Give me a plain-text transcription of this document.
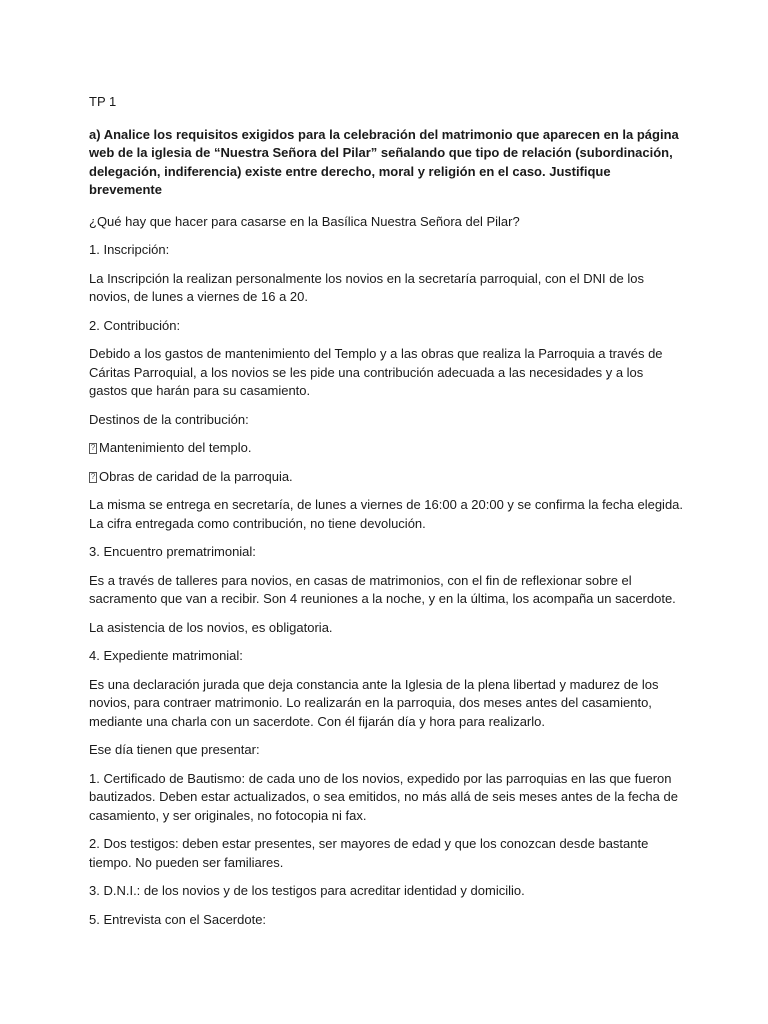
TP 1

a) Analice los requisitos exigidos para la celebración del matrimonio que aparecen en la página web de la iglesia de “Nuestra Señora del Pilar” señalando que tipo de relación (subordinación, delegación, indiferencia) existe entre derecho, moral y religión en el caso. Justifique brevemente

¿Qué hay que hacer para casarse en la Basílica Nuestra Señora del Pilar?

1. Inscripción:

La Inscripción la realizan personalmente los novios en la secretaría parroquial, con el DNI de los novios, de lunes a viernes de 16 a 20.

2. Contribución:

Debido a los gastos de mantenimiento del Templo y a las obras que realiza la Parroquia a través de Cáritas Parroquial, a los novios se les pide una contribución adecuada a las necesidades y a los gastos que harán para su casamiento.

Destinos de la contribución:

?
Mantenimiento del templo.

?
Obras de caridad de la parroquia.

La misma se entrega en secretaría, de lunes a viernes de 16:00 a 20:00 y se confirma la fecha elegida. La cifra entregada como contribución, no tiene devolución.

3. Encuentro prematrimonial:

Es a través de talleres para novios, en casas de matrimonios, con el fin de reflexionar sobre el sacramento que van a recibir. Son 4 reuniones a la noche, y en la última, los acompaña un sacerdote.

La asistencia de los novios, es obligatoria.

4. Expediente matrimonial:

Es una declaración jurada que deja constancia ante la Iglesia de la plena libertad y madurez de los novios, para contraer matrimonio. Lo realizarán en la parroquia, dos meses antes del casamiento, mediante una charla con un sacerdote. Con él fijarán día y hora para realizarlo.

Ese día tienen que presentar:

1. Certificado de Bautismo: de cada uno de los novios, expedido por las parroquias en las que fueron bautizados. Deben estar actualizados, o sea emitidos, no más allá de seis meses antes de la fecha de casamiento, y ser originales, no fotocopia ni fax.

2. Dos testigos: deben estar presentes, ser mayores de edad y que los conozcan desde bastante tiempo. No pueden ser familiares.

3. D.N.I.: de los novios y de los testigos para acreditar identidad y domicilio.

5. Entrevista con el Sacerdote:
